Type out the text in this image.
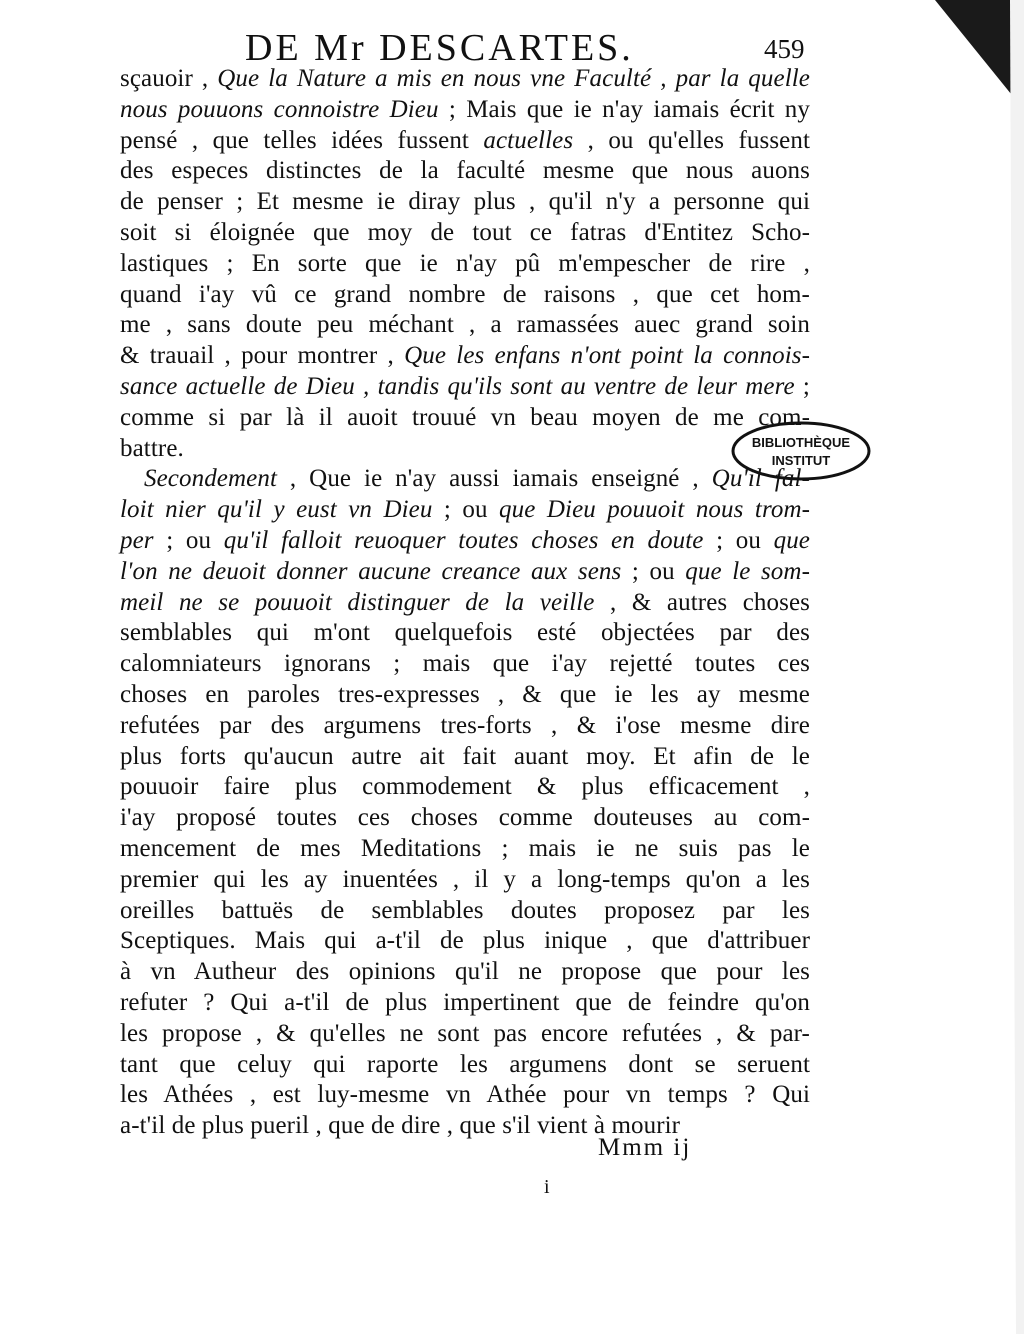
DE Mr DESCARTES.	459
sçauoir , Que la Nature a mis en nous vne Faculté , par la quelle
nous pouuons connoistre Dieu ; Mais que ie n'ay iamais écrit ny
pensé , que telles idées fussent actuelles , ou qu'elles fussent
des especes distinctes de la faculté mesme que nous auons
de penser ; Et mesme ie diray plus , qu'il n'y a personne qui
soit si éloignée que moy de tout ce fatras d'Entitez Scho-
lastiques ; En sorte que ie n'ay pû m'empescher de rire ,
quand i'ay vû ce grand nombre de raisons , que cet hom-
me , sans doute peu méchant , a ramassées auec grand soin
& trauail , pour montrer , Que les enfans n'ont point la connois-
sance actuelle de Dieu , tandis qu'ils sont au ventre de leur mere ;
comme si par là il auoit trouué vn beau moyen de me com-
battre.
Secondement , Que ie n'ay aussi iamais enseigné , Qu'il fal-
loit nier qu'il y eust vn Dieu ; ou que Dieu pouuoit nous trom-
per ; ou qu'il falloit reuoquer toutes choses en doute ; ou que
l'on ne deuoit donner aucune creance aux sens ; ou que le som-
meil ne se pouuoit distinguer de la veille , & autres choses
semblables qui m'ont quelquefois esté objectées par des
calomniateurs ignorans ; mais que i'ay rejetté toutes ces
choses en paroles tres-expresses , & que ie les ay mesme
refutées par des argumens tres-forts , & i'ose mesme dire
plus forts qu'aucun autre ait fait auant moy. Et afin de le
pouuoir faire plus commodement & plus efficacement ,
i'ay proposé toutes ces choses comme douteuses au com-
mencement de mes Meditations ; mais ie ne suis pas le
premier qui les ay inuentées , il y a long-temps qu'on a les
oreilles battuës de semblables doutes proposez par les
Sceptiques. Mais qui a-t'il de plus inique , que d'attribuer
à vn Autheur des opinions qu'il ne propose que pour les
refuter ? Qui a-t'il de plus impertinent que de feindre qu'on
les propose , & qu'elles ne sont pas encore refutées , & par-
tant que celuy qui raporte les argumens dont se seruent
les Athées , est luy-mesme vn Athée pour vn temps ? Qui
a-t'il de plus pueril , que de dire , que s'il vient à mourir
BIBLIOTHÈQUE
INSTITUT
Mmm ij
i
